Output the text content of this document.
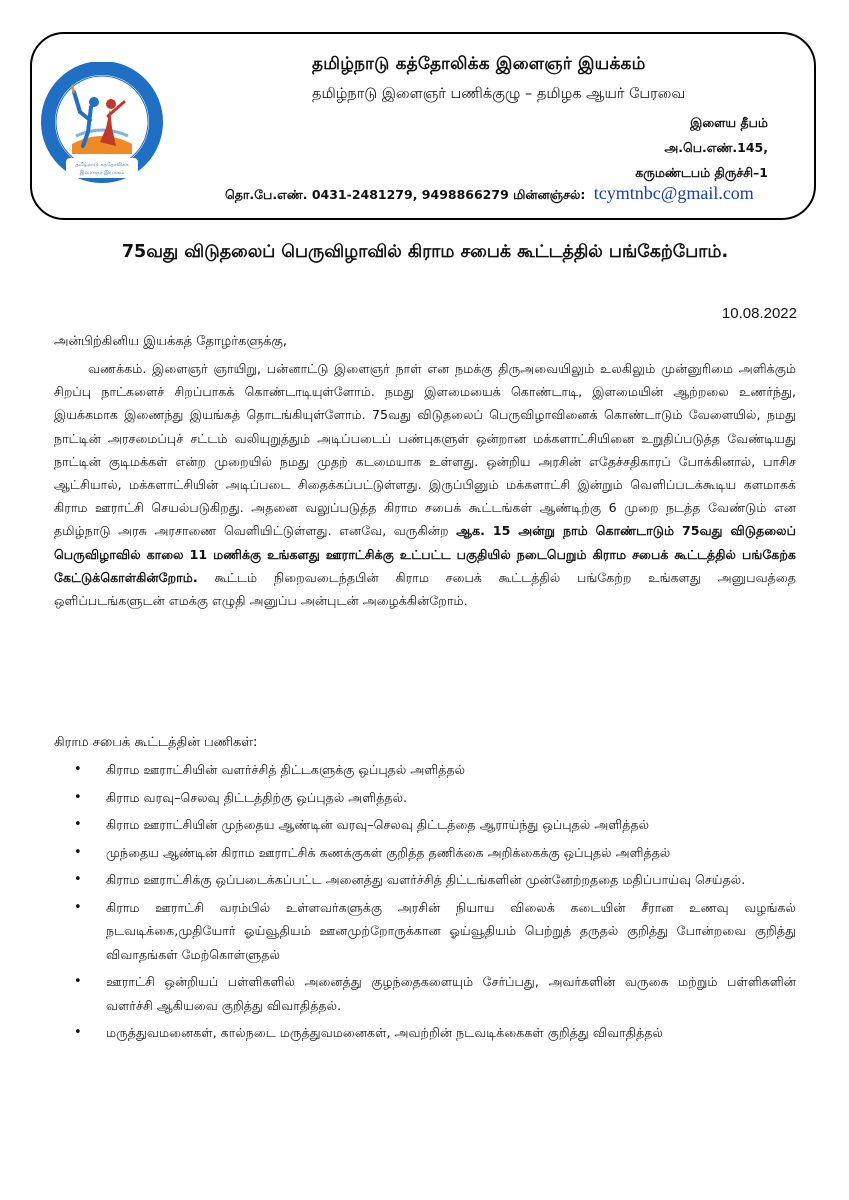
தமிழ்நாடு கத்தோலிக்க
இளைஞர் இயக்கம்
தமிழ்நாடு கத்தோலிக்க இளைஞர் இயக்கம்
தமிழ்நாடு இளைஞர் பணிக்குழு – தமிழக ஆயர் பேரவை
இளைய தீபம்
அ.பெ.எண்.145,
கருமண்டபம் திருச்சி–1
தொ.பே.எண். 0431-2481279, 9498866279 மின்னஞ்சல்: tcymtnbc@gmail.com
75வது விடுதலைப் பெருவிழாவில் கிராம சபைக் கூட்டத்தில் பங்கேற்போம்.
10.08.2022
அன்பிற்கினிய இயக்கத் தோழர்களுக்கு,
வணக்கம். இளைஞர் ஞாயிறு, பன்னாட்டு இளைஞர் நாள் என நமக்கு திருஅவையிலும் உலகிலும் முன்னுரிமை அளிக்கும் சிறப்பு நாட்களைச் சிறப்பாகக் கொண்டாடியுள்ளோம். நமது இளமையைக் கொண்டாடி, இளமையின் ஆற்றலை உணர்ந்து, இயக்கமாக இணைந்து இயங்கத் தொடங்கியுள்ளோம். 75வது விடுதலைப் பெருவிழாவினைக் கொண்டாடும் வேளையில், நமது நாட்டின் அரசமைப்புச் சட்டம் வலியுறுத்தும் அடிப்படைப் பண்புகளுள் ஒன்றான மக்களாட்சியினை உறுதிப்படுத்த வேண்டியது நாட்டின் குடிமக்கள் என்ற முறையில் நமது முதற் கடமையாக உள்ளது. ஒன்றிய அரசின் எதேச்சதிகாரப் போக்கினால், பாசிச ஆட்சியால், மக்களாட்சியின் அடிப்படை சிதைக்கப்பட்டுள்ளது. இருப்பினும் மக்களாட்சி இன்றும் வெளிப்படக்கூடிய களமாகக் கிராம ஊராட்சி செயல்படுகிறது. அதனை வலுப்படுத்த கிராம சபைக் கூட்டங்கள் ஆண்டிற்கு 6 முறை நடத்த வேண்டும் என தமிழ்நாடு அரசு அரசாணை வெளியிட்டுள்ளது. எனவே, வருகின்ற ஆக. 15 அன்று நாம் கொண்டாடும் 75வது விடுதலைப் பெருவிழாவில் காலை 11 மணிக்கு உங்களது ஊராட்சிக்கு உட்பட்ட பகுதியில் நடைபெறும் கிராம சபைக் கூட்டத்தில் பங்கேற்க கேட்டுக்கொள்கின்றோம். கூட்டம் நிறைவடைந்தபின் கிராம சபைக் கூட்டத்தில் பங்கேற்ற உங்களது அனுபவத்தை ஒளிப்படங்களுடன் எமக்கு எழுதி அனுப்ப அன்புடன் அழைக்கின்றோம்.
கிராம சபைக் கூட்டத்தின் பணிகள்:
• கிராம ஊராட்சியின் வளர்ச்சித் திட்டகளுக்கு ஒப்புதல் அளித்தல்
• கிராம வரவு–செலவு திட்டத்திற்கு ஒப்புதல் அளித்தல்.
• கிராம ஊராட்சியின் முந்தைய ஆண்டின் வரவு–செலவு திட்டத்தை ஆராய்ந்து ஒப்புதல் அளித்தல்
• முந்தைய ஆண்டின் கிராம ஊராட்சிக் கணக்குகள் குறித்த தணிக்கை அறிக்கைக்கு ஒப்புதல் அளித்தல்
• கிராம ஊராட்சிக்கு ஒப்படைக்கப்பட்ட அனைத்து வளர்ச்சித் திட்டங்களின் முன்னேற்றததை மதிப்பாய்வு செய்தல்.
• கிராம ஊராட்சி வரம்பில் உள்ளவர்களுக்கு அரசின் நியாய விலைக் கடையின் சீரான உணவு வழங்கல் நடவடிக்கை,முதியோர் ஓய்வூதியம் ஊனமுற்றோருக்கான ஓய்வூதியம் பெற்றுத் தருதல் குறித்து போன்றவை குறித்து விவாதங்கள் மேற்கொள்ளுதல்
• ஊராட்சி ஒன்றியப் பள்ளிகளில் அனைத்து குழந்தைகளையும் சேர்ப்பது, அவர்களின் வருகை மற்றும் பள்ளிகளின் வளர்ச்சி ஆகியவை குறித்து விவாதித்தல்.
• மருத்துவமனைகள், கால்நடை மருத்துவமனைகள், அவற்றின் நடவடிக்கைகள் குறித்து விவாதித்தல்
